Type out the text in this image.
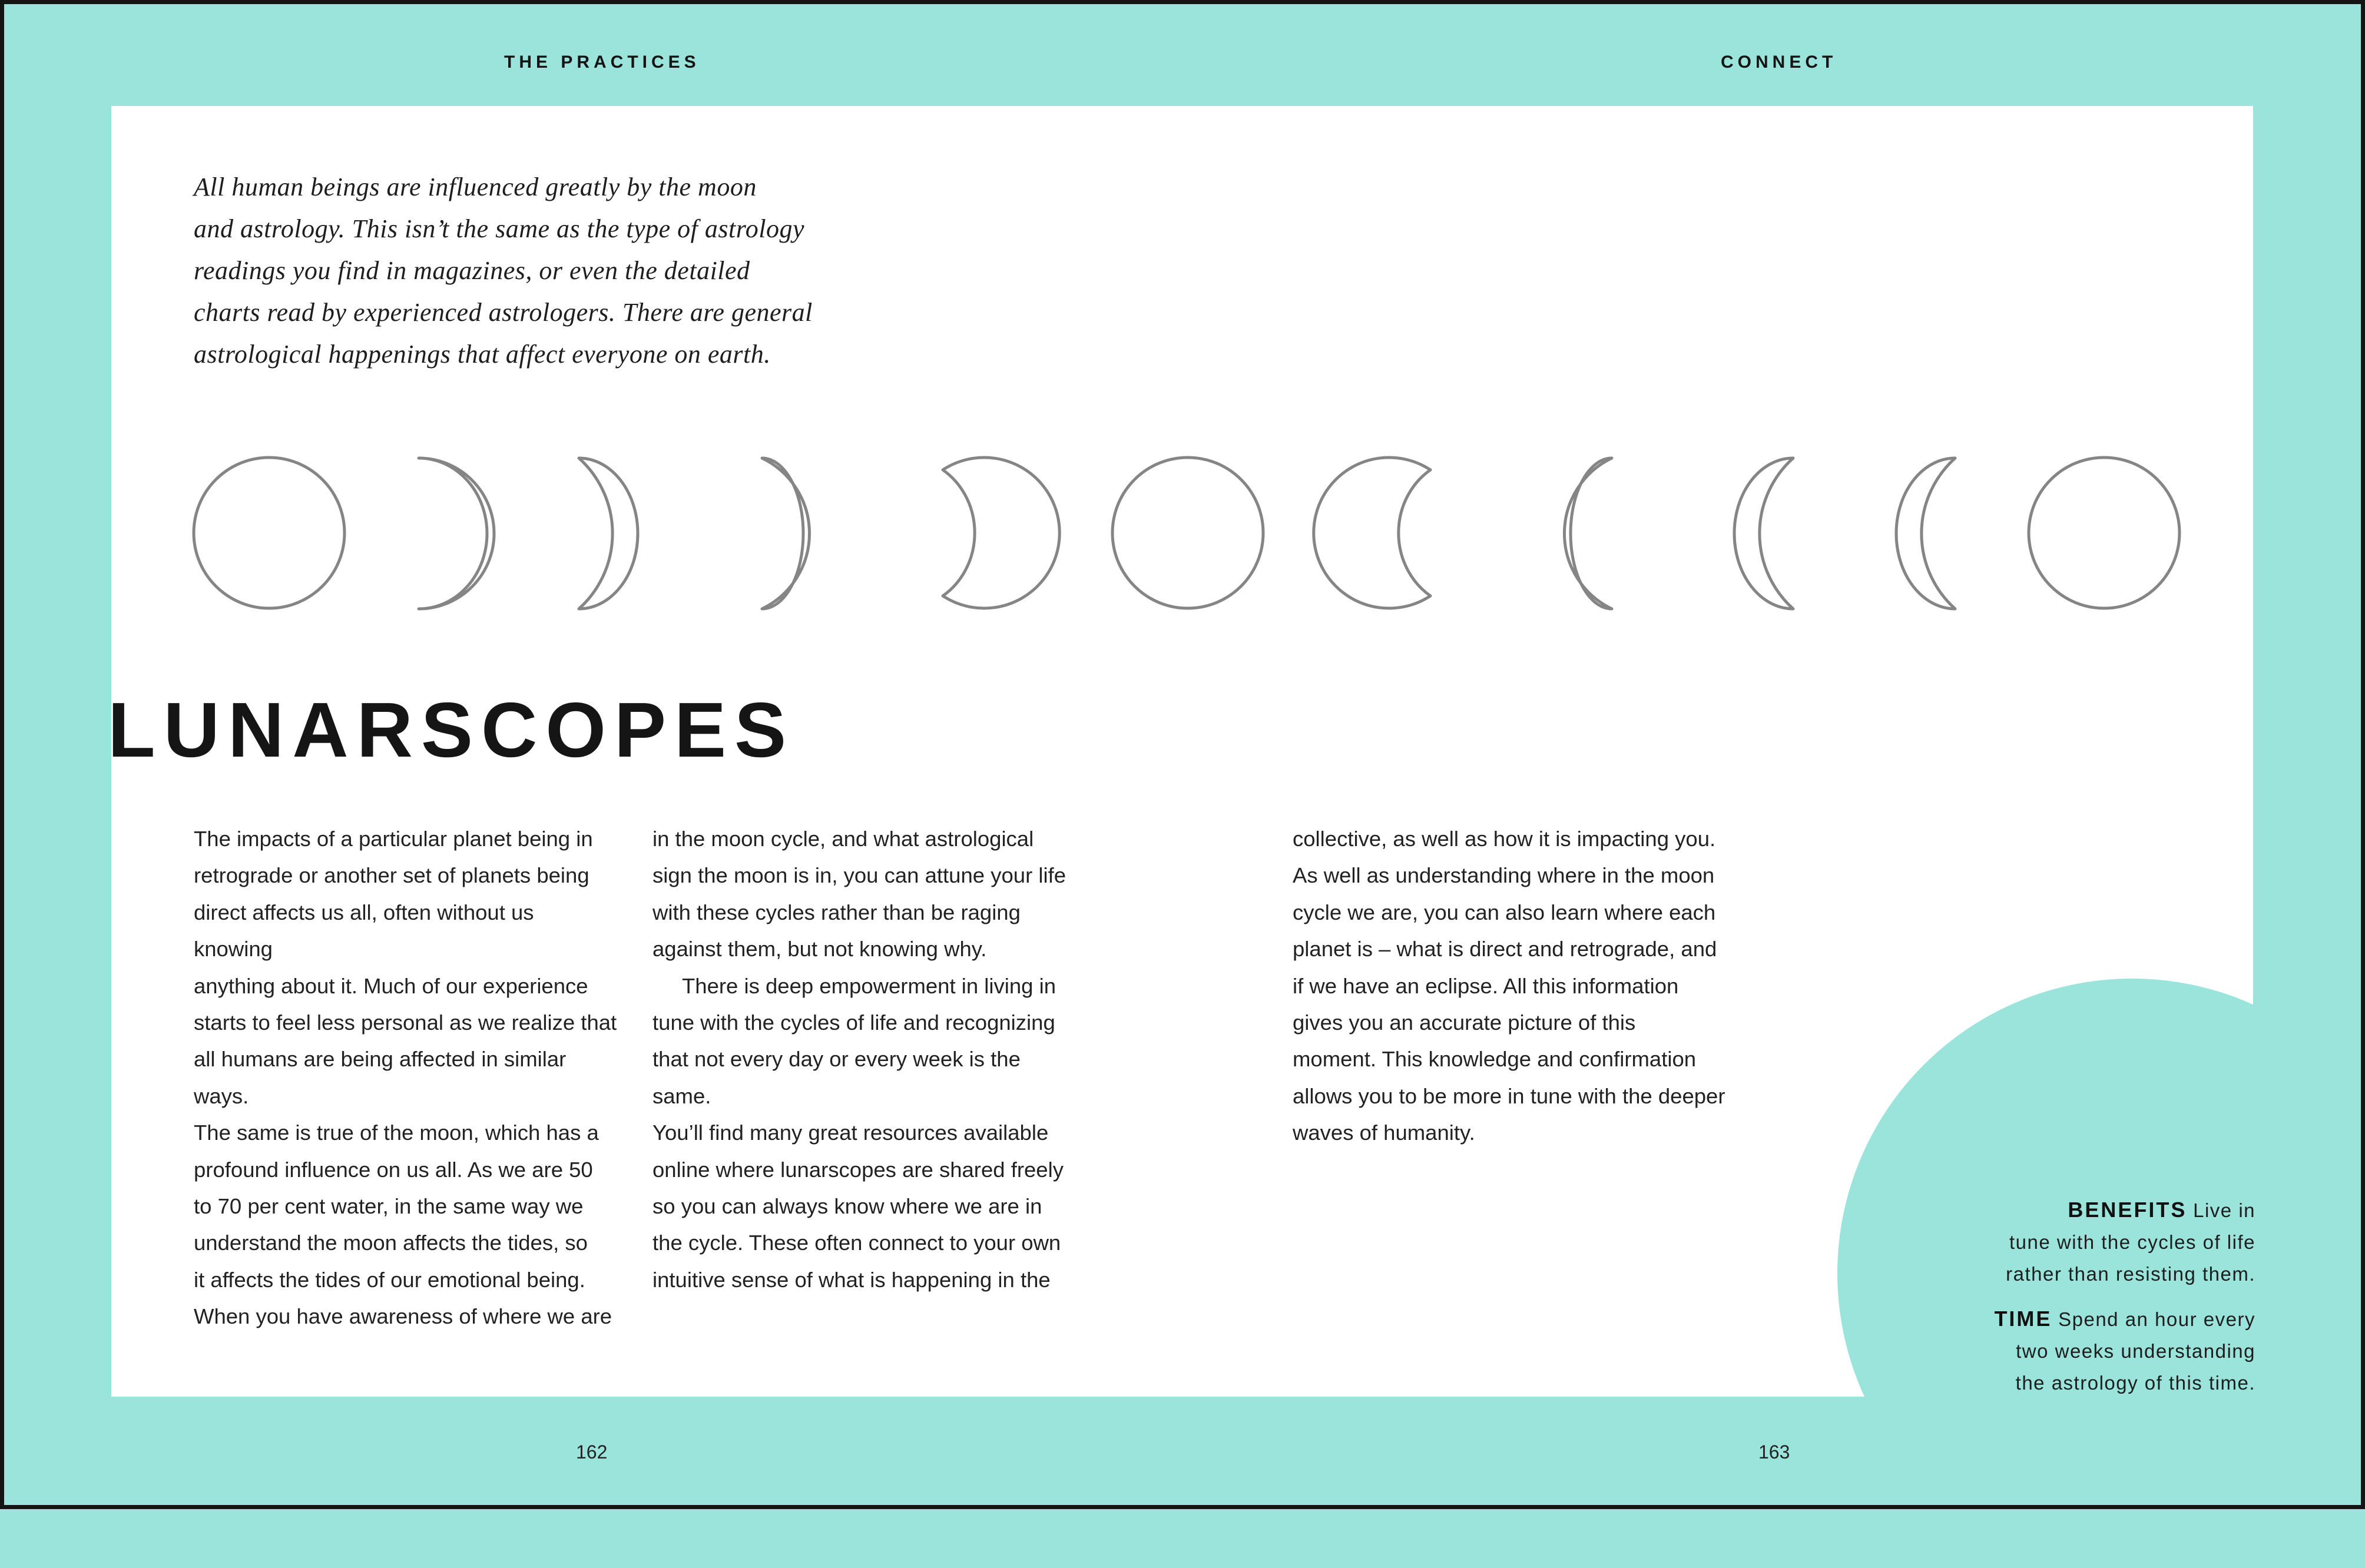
THE PRACTICES	CONNECT

All human beings are influenced greatly by the moon
and astrology. This isn’t the same as the type of astrology
readings you find in magazines, or even the detailed
charts read by experienced astrologers. There are general
astrological happenings that affect everyone on earth.

LUNARSCOPES

The impacts of a particular planet being in
retrograde or another set of planets being
direct affects us all, often without us knowing
anything about it. Much of our experience
starts to feel less personal as we realize that
all humans are being affected in similar ways.
The same is true of the moon, which has a
profound influence on us all. As we are 50
to 70 per cent water, in the same way we
understand the moon affects the tides, so
it affects the tides of our emotional being.
When you have awareness of where we are

in the moon cycle, and what astrological
sign the moon is in, you can attune your life
with these cycles rather than be raging
against them, but not knowing why.
There is deep empowerment in living in
tune with the cycles of life and recognizing
that not every day or every week is the same.
You’ll find many great resources available
online where lunarscopes are shared freely
so you can always know where we are in
the cycle. These often connect to your own
intuitive sense of what is happening in the

collective, as well as how it is impacting you.
As well as understanding where in the moon
cycle we are, you can also learn where each
planet is – what is direct and retrograde, and
if we have an eclipse. All this information
gives you an accurate picture of this
moment. This knowledge and confirmation
allows you to be more in tune with the deeper
waves of humanity.

BENEFITS Live in
tune with the cycles of life
rather than resisting them.

TIME Spend an hour every
two weeks understanding
the astrology of this time.

162	163
